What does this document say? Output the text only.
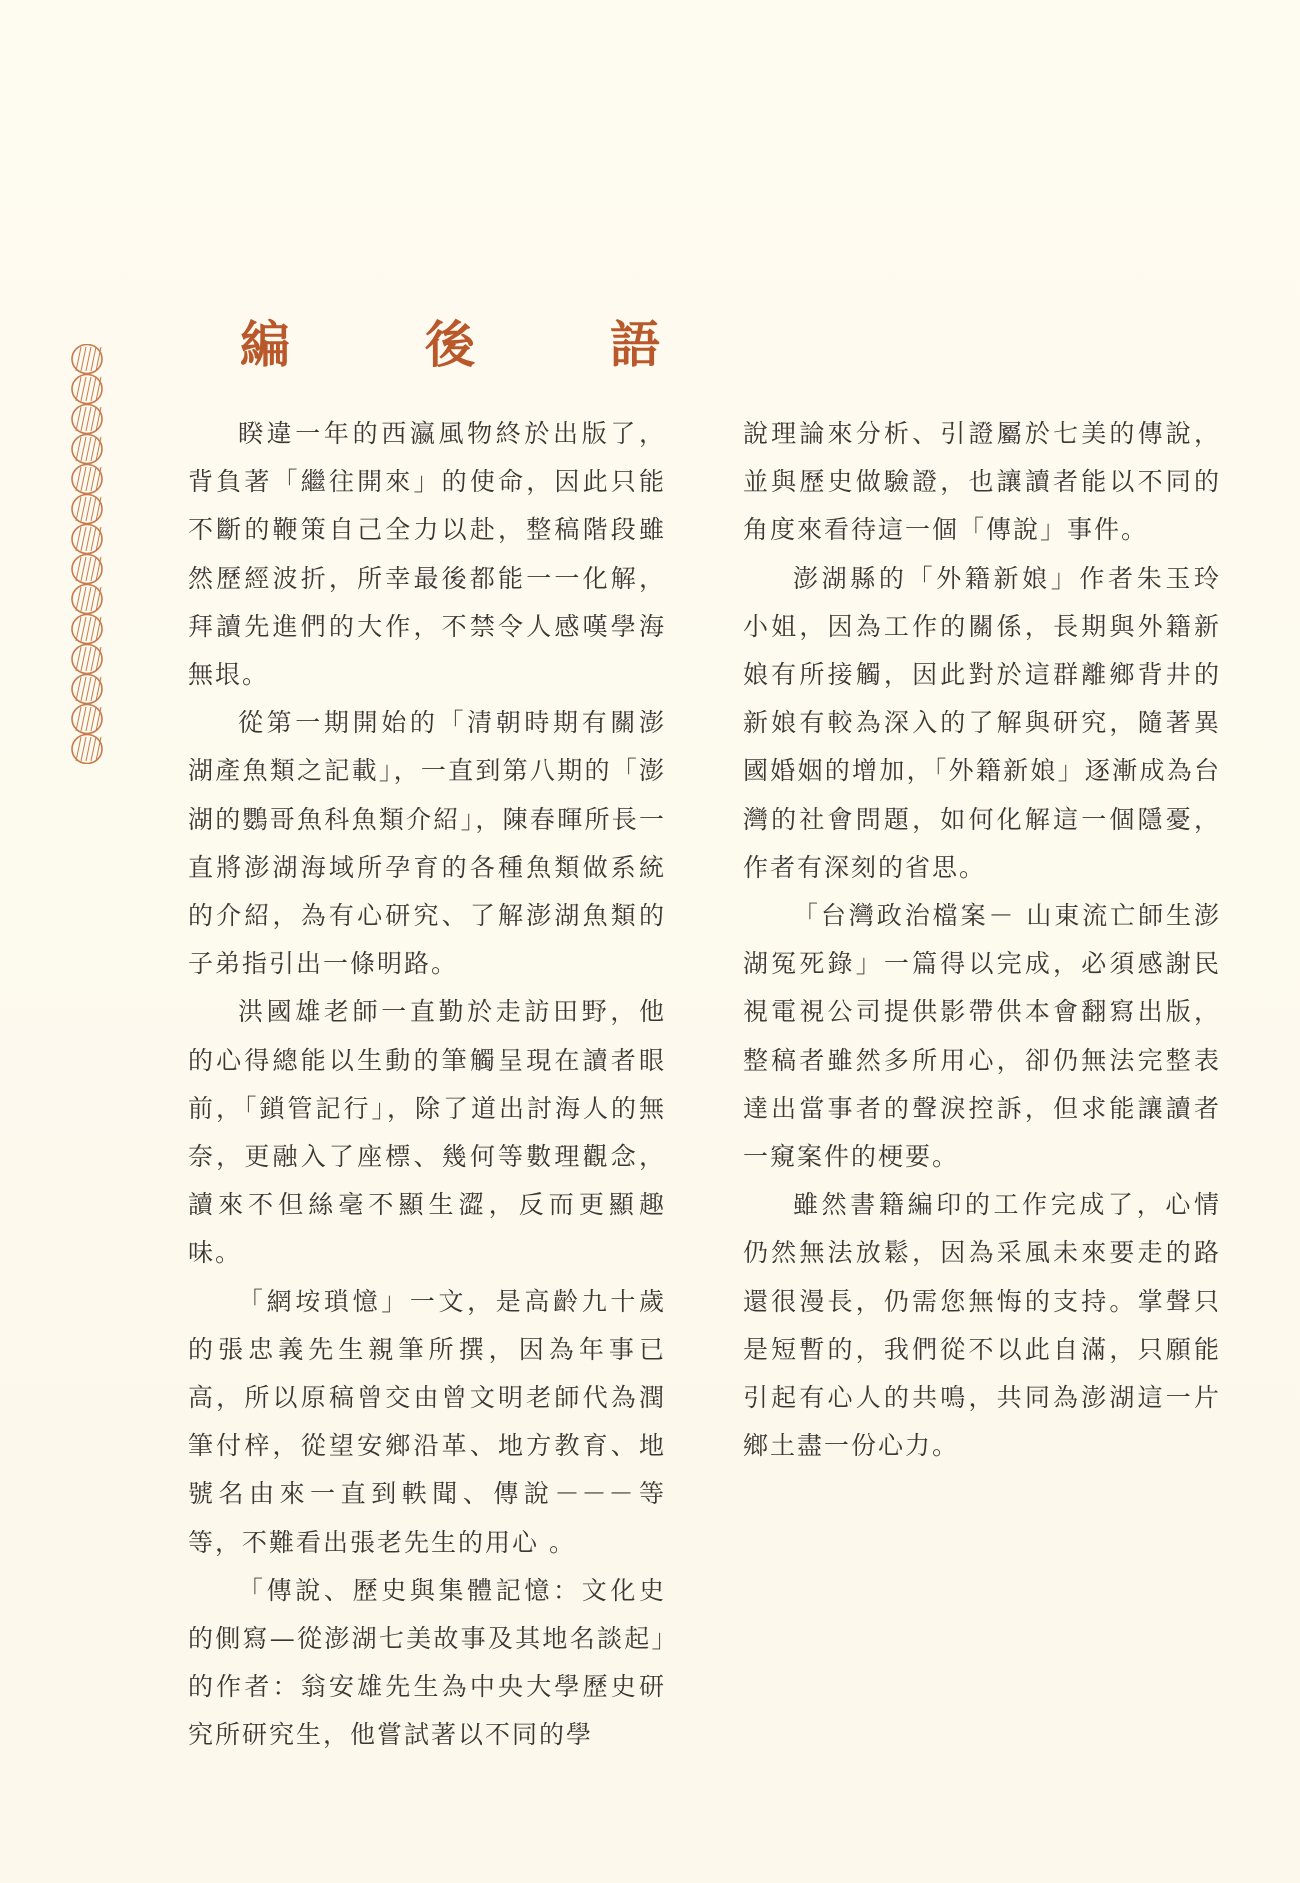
編	後	語

睽違一年的西瀛風物終於出版了，背負著「繼往開來」的使命，因此只能不斷的鞭策自己全力以赴，整稿階段雖然歷經波折，所幸最後都能一一化解，拜讀先進們的大作，不禁令人感嘆學海無垠。

從第一期開始的「清朝時期有關澎湖產魚類之記載」，一直到第八期的「澎湖的鸚哥魚科魚類介紹」，陳春暉所長一直將澎湖海域所孕育的各種魚類做系統的介紹，為有心研究、了解澎湖魚類的子弟指引出一條明路。

洪國雄老師一直勤於走訪田野，他的心得總能以生動的筆觸呈現在讀者眼前，「鎖管記行」，除了道出討海人的無奈，更融入了座標、幾何等數理觀念，讀來不但絲毫不顯生澀，反而更顯趣味。

「網垵瑣憶」一文，是高齡九十歲的張忠義先生親筆所撰，因為年事已高，所以原稿曾交由曾文明老師代為潤筆付梓，從望安鄉沿革、地方教育、地號名由來一直到軼聞、傳說－－－等等，不難看出張老先生的用心 。

「傳說、歷史與集體記憶：文化史的側寫—從澎湖七美故事及其地名談起」的作者：翁安雄先生為中央大學歷史研究所研究生，他嘗試著以不同的學

說理論來分析、引證屬於七美的傳說，並與歷史做驗證，也讓讀者能以不同的角度來看待這一個「傳說」事件。

澎湖縣的「外籍新娘」作者朱玉玲小姐，因為工作的關係，長期與外籍新娘有所接觸，因此對於這群離鄉背井的新娘有較為深入的了解與研究，隨著異國婚姻的增加，「外籍新娘」逐漸成為台灣的社會問題，如何化解這一個隱憂，作者有深刻的省思。

「台灣政治檔案－ 山東流亡師生澎湖冤死錄」一篇得以完成，必須感謝民視電視公司提供影帶供本會翻寫出版，整稿者雖然多所用心，卻仍無法完整表達出當事者的聲淚控訴，但求能讓讀者一窺案件的梗要。

雖然書籍編印的工作完成了，心情仍然無法放鬆，因為采風未來要走的路還很漫長，仍需您無悔的支持。掌聲只是短暫的，我們從不以此自滿，只願能引起有心人的共鳴，共同為澎湖這一片鄉土盡一份心力。
